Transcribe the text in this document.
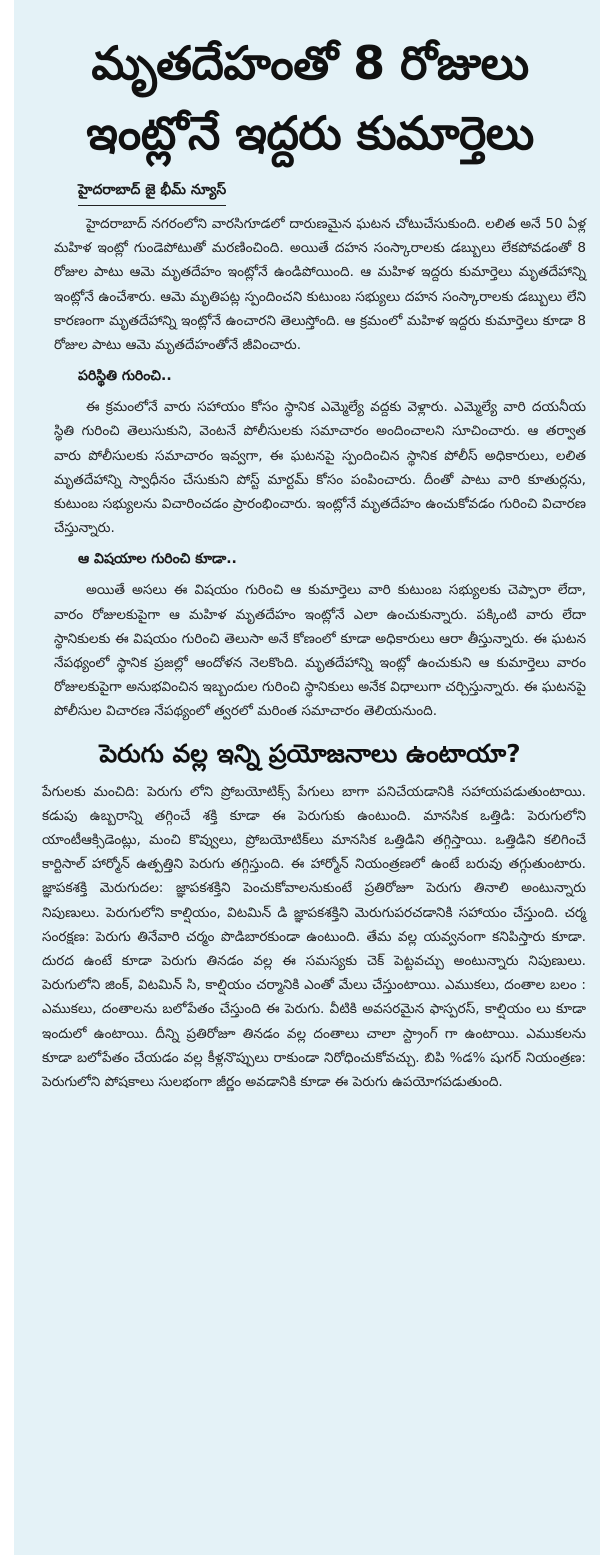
మృతదేహంతో 8 రోజులు ఇంట్లోనే ఇద్దరు కుమార్తెలు
హైదరాబాద్ జై భీమ్ న్యూస్

హైదరాబాద్ నగరంలోని వారసిగూడలో దారుణమైన ఘటన చోటుచేసుకుంది. లలిత అనే 50 ఏళ్ల మహిళ ఇంట్లో గుండెపోటుతో మరణించింది. అయితే దహన సంస్కారాలకు డబ్బులు లేకపోవడంతో 8 రోజుల పాటు ఆమె మృతదేహం ఇంట్లోనే ఉండిపోయింది. ఆ మహిళ ఇద్దరు కుమార్తెలు మృతదేహాన్ని ఇంట్లోనే ఉంచేశారు. ఆమె మృతిపట్ల స్పందించని కుటుంబ సభ్యులు దహన సంస్కారాలకు డబ్బులు లేని కారణంగా మృతదేహాన్ని ఇంట్లోనే ఉంచారని తెలుస్తోంది. ఆ క్రమంలో మహిళ ఇద్దరు కుమార్తెలు కూడా 8 రోజుల పాటు ఆమె మృతదేహంతోనే జీవించారు.

పరిస్థితి గురించి..

ఈ క్రమంలోనే వారు సహాయం కోసం స్థానిక ఎమ్మెల్యే వద్దకు వెళ్లారు. ఎమ్మెల్యే వారి దయనీయ స్థితి గురించి తెలుసుకుని, వెంటనే పోలీసులకు సమాచారం అందించాలని సూచించారు. ఆ తర్వాత వారు పోలీసులకు సమాచారం ఇవ్వగా, ఈ ఘటనపై స్పందించిన స్థానిక పోలీస్ అధికారులు, లలిత మృతదేహాన్ని స్వాధీనం చేసుకుని పోస్ట్ మార్టమ్ కోసం పంపించారు. దీంతో పాటు వారి కూతుర్లను, కుటుంబ సభ్యులను విచారించడం ప్రారంభించారు. ఇంట్లోనే మృతదేహం ఉంచుకోవడం గురించి విచారణ చేస్తున్నారు.

ఆ విషయాల గురించి కూడా..

అయితే అసలు ఈ విషయం గురించి ఆ కుమార్తెలు వారి కుటుంబ సభ్యులకు చెప్పారా లేదా, వారం రోజులకుపైగా ఆ మహిళ మృతదేహం ఇంట్లోనే ఎలా ఉంచుకున్నారు. పక్కింటి వారు లేదా స్థానికులకు ఈ విషయం గురించి తెలుసా అనే కోణంలో కూడా అధికారులు ఆరా తీస్తున్నారు. ఈ ఘటన నేపథ్యంలో స్థానిక ప్రజల్లో ఆందోళన నెలకొంది. మృతదేహాన్ని ఇంట్లో ఉంచుకుని ఆ కుమార్తెలు వారం రోజులకుపైగా అనుభవించిన ఇబ్బందుల గురించి స్థానికులు అనేక విధాలుగా చర్చిస్తున్నారు. ఈ ఘటనపై పోలీసుల విచారణ నేపథ్యంలో త్వరలో మరింత సమాచారం తెలియనుంది.

పెరుగు వల్ల ఇన్ని ప్రయోజనాలు ఉంటాయా?

పేగులకు మంచిది: పెరుగు లోని ప్రోబయోటిక్స్ పేగులు బాగా పనిచేయడానికి సహాయపడుతుంటాయి. కడుపు ఉబ్బరాన్ని తగ్గించే శక్తి కూడా ఈ పెరుగుకు ఉంటుంది. మానసిక ఒత్తిడి: పెరుగులోని యాంటీఆక్సిడెంట్లు, మంచి కొవ్వులు, ప్రోబయోటిక్‌లు మానసిక ఒత్తిడిని తగ్గిస్తాయి. ఒత్తిడిని కలిగించే కార్టిసాల్ హార్మోన్ ఉత్పత్తిని పెరుగు తగ్గిస్తుంది. ఈ హార్మోన్ నియంత్రణలో ఉంటే బరువు తగ్గుతుంటారు. జ్ఞాపకశక్తి మెరుగుదల: జ్ఞాపకశక్తిని పెంచుకోవాలనుకుంటే ప్రతిరోజూ పెరుగు తినాలి అంటున్నారు నిపుణులు. పెరుగులోని కాల్షియం, విటమిన్ డి జ్ఞాపకశక్తిని మెరుగుపరచడానికి సహాయం చేస్తుంది. చర్మ సంరక్షణ: పెరుగు తినేవారి చర్మం పొడిబారకుండా ఉంటుంది. తేమ వల్ల యవ్వనంగా కనిపిస్తారు కూడా. దురద ఉంటే కూడా పెరుగు తినడం వల్ల ఈ సమస్యకు చెక్ పెట్టవచ్చు అంటున్నారు నిపుణులు. పెరుగులోని జింక్, విటమిన్ సి, కాల్షియం చర్మానికి ఎంతో మేలు చేస్తుంటాయి. ఎముకలు, దంతాల బలం : ఎముకలు, దంతాలను బలోపేతం చేస్తుంది ఈ పెరుగు. వీటికి అవసరమైన ఫాస్పరస్, కాల్షియం లు కూడా ఇందులో ఉంటాయి. దీన్ని ప్రతిరోజూ తినడం వల్ల దంతాలు చాలా స్ట్రాంగ్ గా ఉంటాయి. ఎముకలను కూడా బలోపేతం చేయడం వల్ల కీళ్లనొప్పులు రాకుండా నిరోధించుకోవచ్చు. బిపి %డ% షుగర్ నియంత్రణ: పెరుగులోని పోషకాలు సులభంగా జీర్ణం అవడానికి కూడా ఈ పెరుగు ఉపయోగపడుతుంది.
